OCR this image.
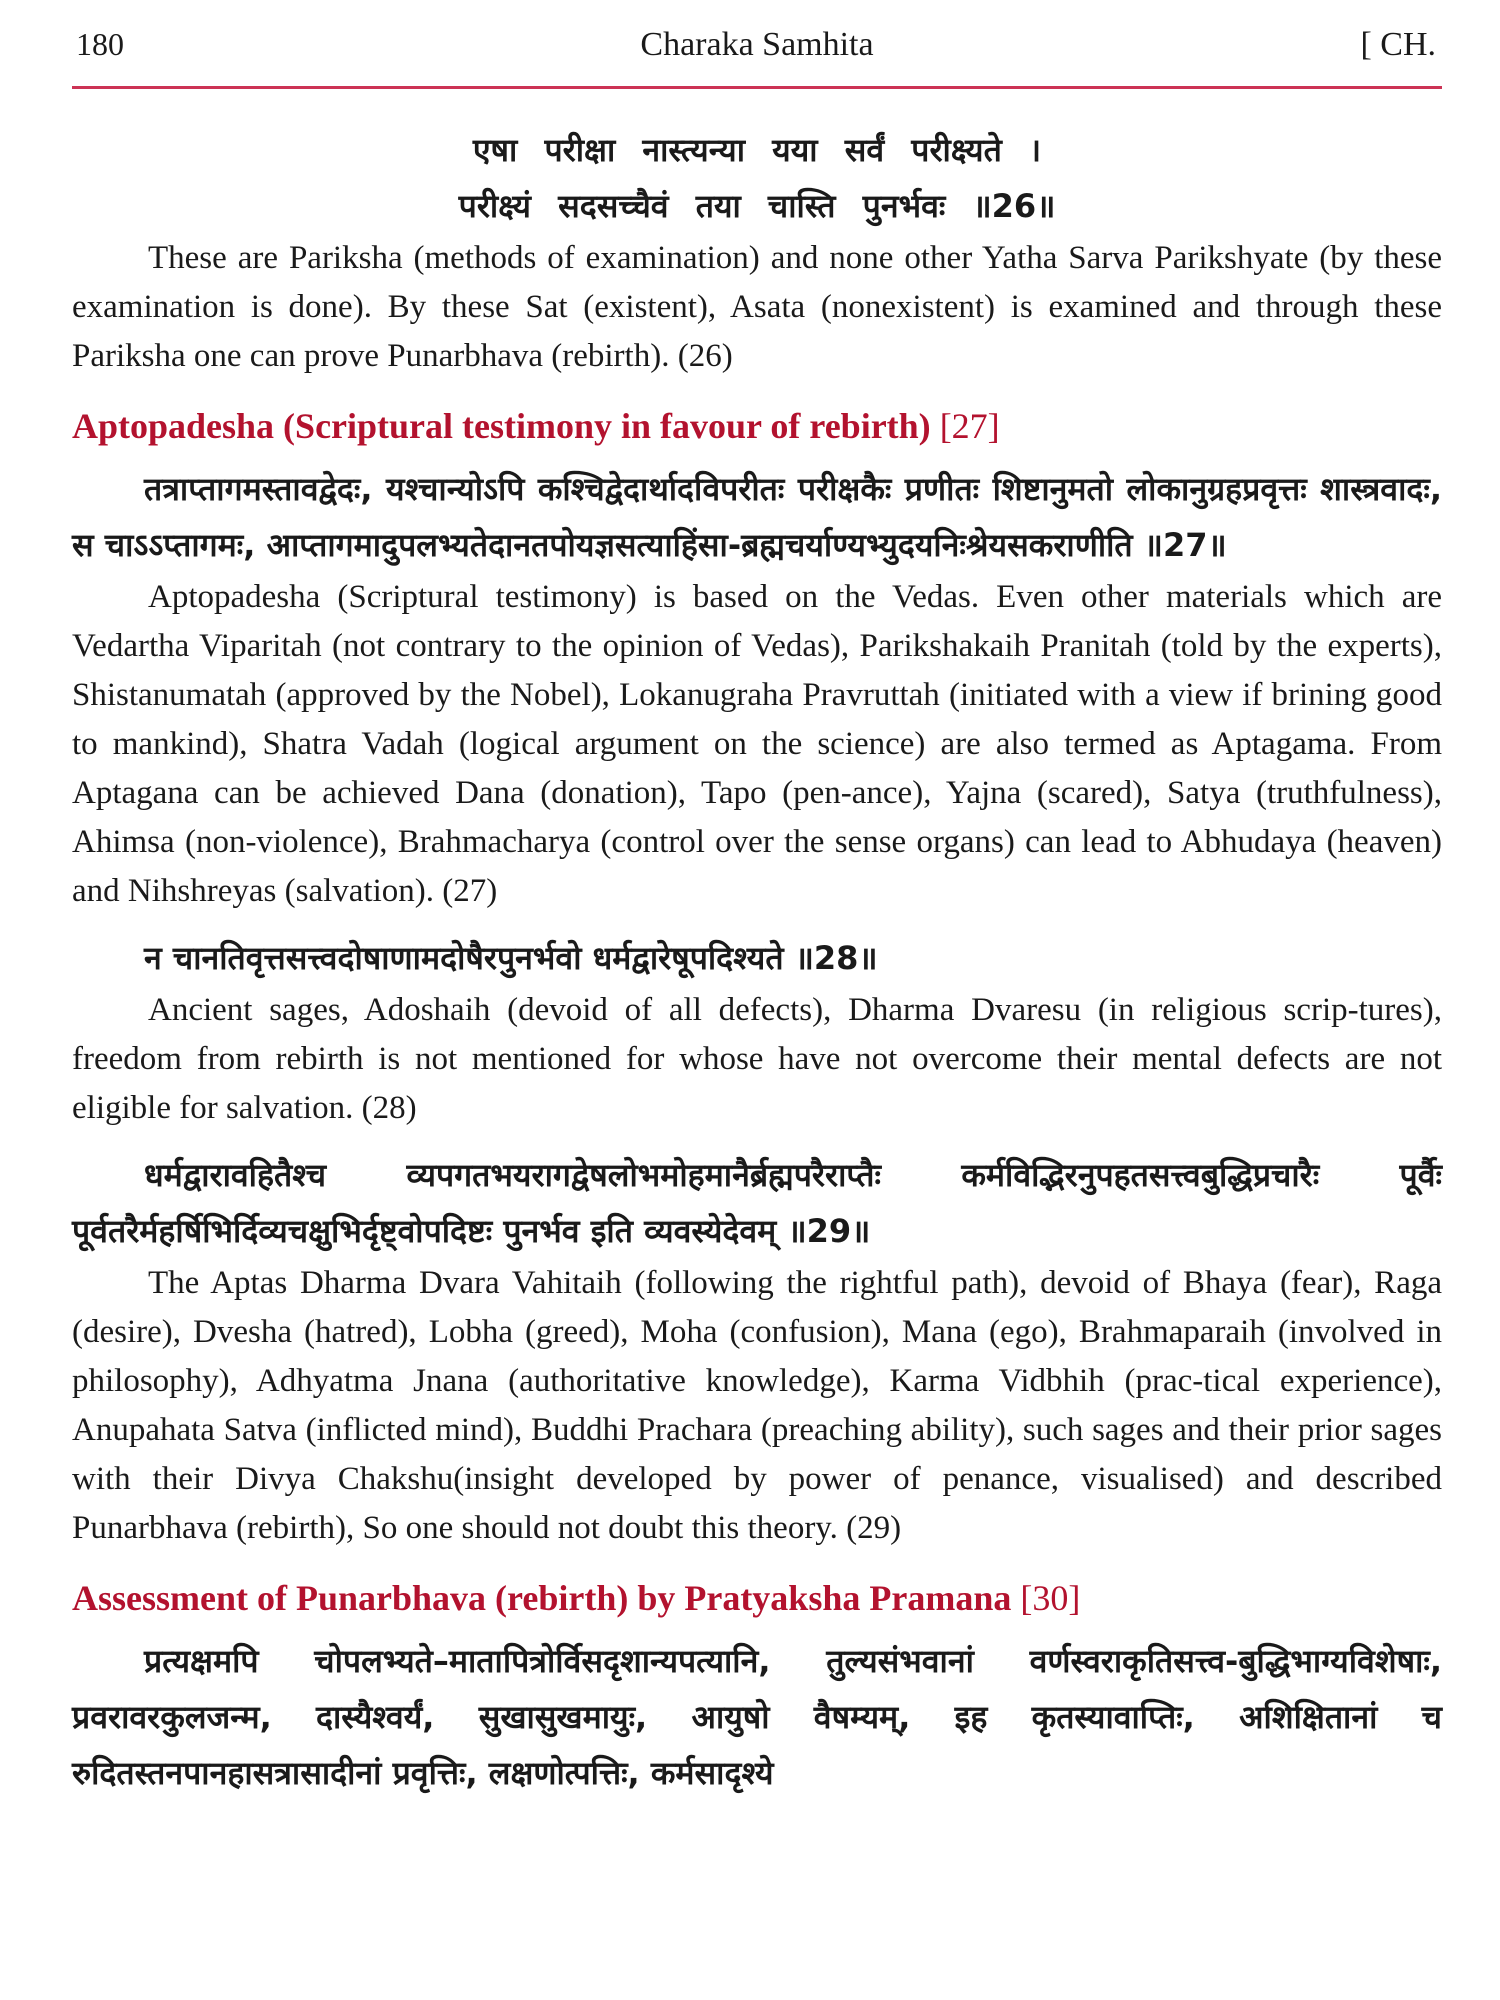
180	Charaka Samhita	[ CH.

एषा परीक्षा नास्त्यन्या यया सर्वं परीक्ष्यते ।

परीक्ष्यं सदसच्चैवं तया चास्ति पुनर्भवः ॥26॥

These are Pariksha (methods of examination) and none other Yatha Sarva Parikshyate (by these examination is done). By these Sat (existent), Asata (nonexistent) is examined and through these Pariksha one can prove Punarbhava (rebirth). (26)

Aptopadesha (Scriptural testimony in favour of rebirth) [27]

तत्राप्तागमस्तावद्वेदः, यश्चान्योऽपि कश्चिद्वेदार्थादविपरीतः परीक्षकैः प्रणीतः शिष्टानुमतो लोकानुग्रहप्रवृत्तः शास्त्रवादः, स चाऽऽप्तागमः, आप्तागमादुपलभ्यतेदानतपोयज्ञसत्याहिंसा-ब्रह्मचर्याण्यभ्युदयनिःश्रेयसकराणीति ॥27॥

Aptopadesha (Scriptural testimony) is based on the Vedas. Even other materials which are Vedartha Viparitah (not contrary to the opinion of Vedas), Parikshakaih Pranitah (told by the experts), Shistanumatah (approved by the Nobel), Lokanugraha Pravruttah (initiated with a view if brining good to mankind), Shatra Vadah (logical argument on the science) are also termed as Aptagama. From Aptagana can be achieved Dana (donation), Tapo (pen-ance), Yajna (scared), Satya (truthfulness), Ahimsa (non-violence), Brahmacharya (control over the sense organs) can lead to Abhudaya (heaven) and Nihshreyas (salvation). (27)

न चानतिवृत्तसत्त्वदोषाणामदोषैरपुनर्भवो धर्मद्वारेषूपदिश्यते ॥28॥

Ancient sages, Adoshaih (devoid of all defects), Dharma Dvaresu (in religious scrip-tures), freedom from rebirth is not mentioned for whose have not overcome their mental defects are not eligible for salvation. (28)

धर्मद्वारावहितैश्च व्यपगतभयरागद्वेषलोभमोहमानैर्ब्रह्मपरैराप्तैः कर्मविद्भिरनुपहतसत्त्वबुद्धिप्रचारैः पूर्वैः पूर्वतरैर्महर्षिभिर्दिव्यचक्षुभिर्दृष्ट्वोपदिष्टः पुनर्भव इति व्यवस्येदेवम् ॥29॥

The Aptas Dharma Dvara Vahitaih (following the rightful path), devoid of Bhaya (fear), Raga (desire), Dvesha (hatred), Lobha (greed), Moha (confusion), Mana (ego), Brahmaparaih (involved in philosophy), Adhyatma Jnana (authoritative knowledge), Karma Vidbhih (prac-tical experience), Anupahata Satva (inflicted mind), Buddhi Prachara (preaching ability), such sages and their prior sages with their Divya Chakshu(insight developed by power of penance, visualised) and described Punarbhava (rebirth), So one should not doubt this theory. (29)

Assessment of Punarbhava (rebirth) by Pratyaksha Pramana [30]

प्रत्यक्षमपि चोपलभ्यते–मातापित्रोर्विसदृशान्यपत्यानि, तुल्यसंभवानां वर्णस्वराकृतिसत्त्व-बुद्धिभाग्यविशेषाः, प्रवरावरकुलजन्म, दास्यैश्वर्यं, सुखासुखमायुः, आयुषो वैषम्यम्, इह कृतस्यावाप्तिः, अशिक्षितानां च रुदितस्तनपानहासत्रासादीनां प्रवृत्तिः, लक्षणोत्पत्तिः, कर्मसादृश्ये
